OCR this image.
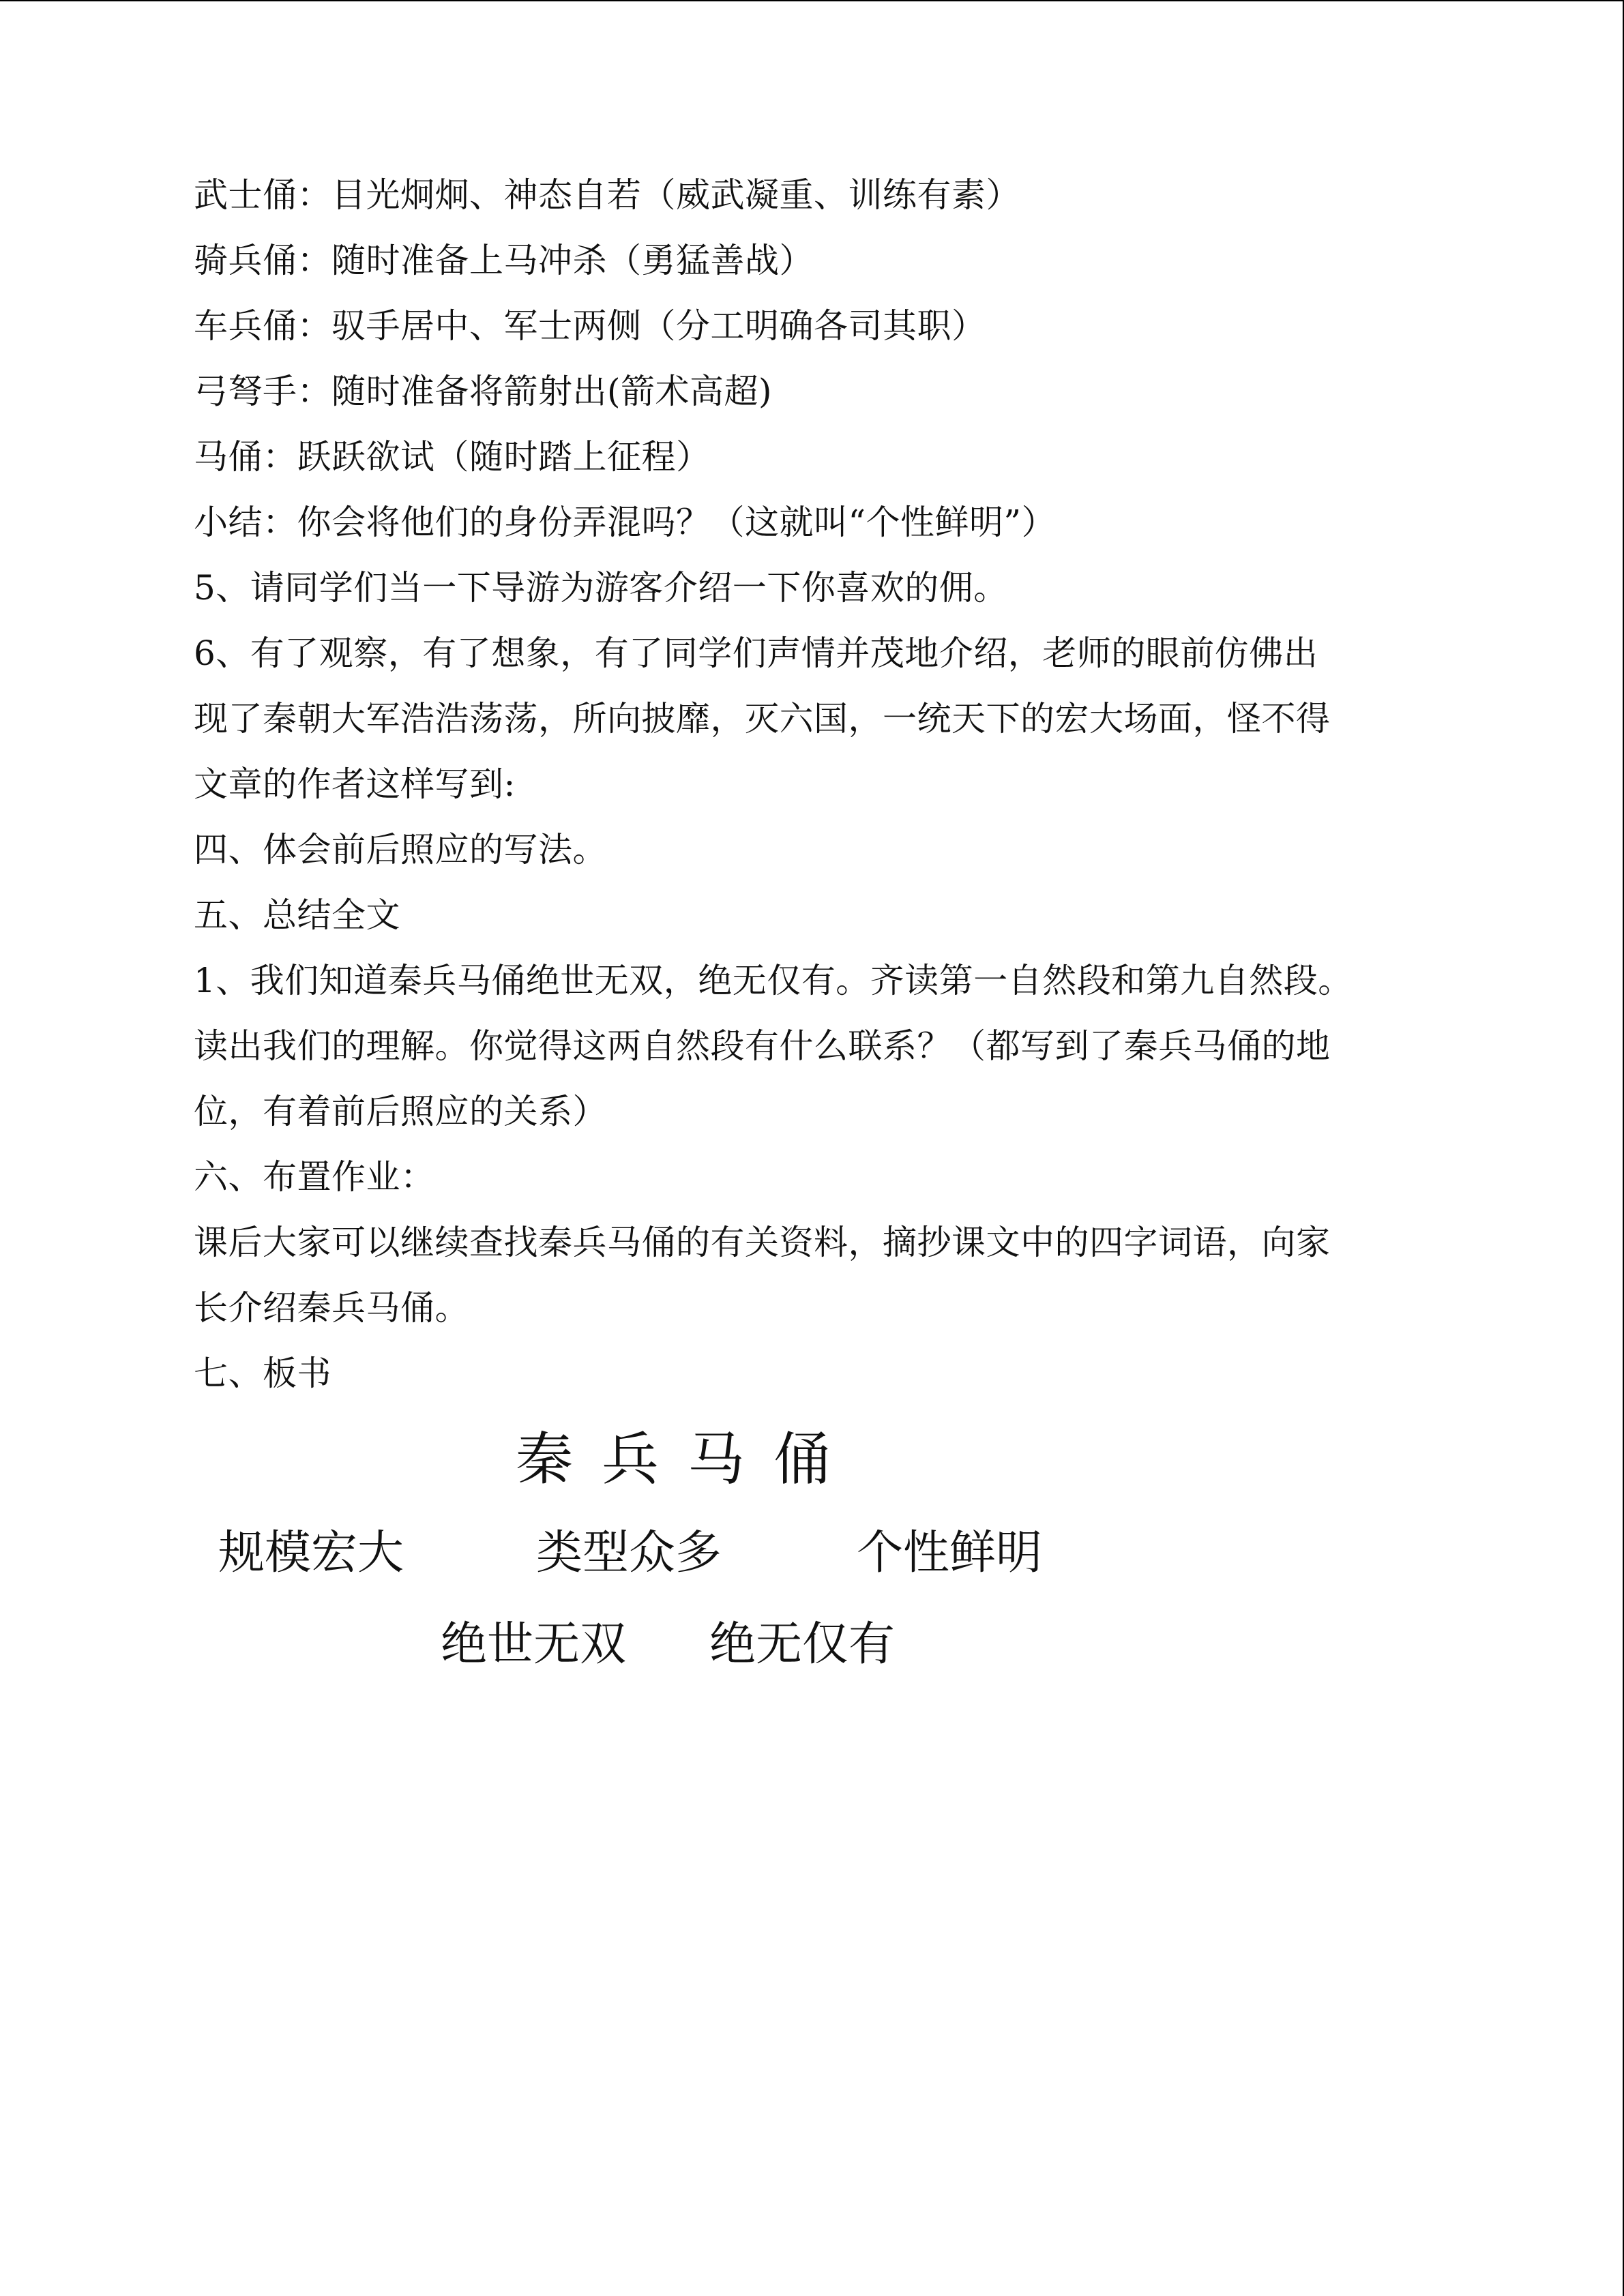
武士俑：目光炯炯、神态自若（威武凝重、训练有素）
骑兵俑：随时准备上马冲杀（勇猛善战）
车兵俑：驭手居中、军士两侧（分工明确各司其职）
弓弩手：随时准备将箭射出(箭术高超)
马俑：跃跃欲试（随时踏上征程）
小结：你会将他们的身份弄混吗？（这就叫“个性鲜明”）
5、请同学们当一下导游为游客介绍一下你喜欢的佣。
6、有了观察，有了想象，有了同学们声情并茂地介绍，老师的眼前仿佛出
现了秦朝大军浩浩荡荡，所向披靡，灭六国，一统天下的宏大场面，怪不得
文章的作者这样写到:
四、体会前后照应的写法。
五、总结全文
1、我们知道秦兵马俑绝世无双，绝无仅有。齐读第一自然段和第九自然段。
读出我们的理解。你觉得这两自然段有什么联系？（都写到了秦兵马俑的地
位，有着前后照应的关系）
六、布置作业：
课后大家可以继续查找秦兵马俑的有关资料，摘抄课文中的四字词语，向家
长介绍秦兵马俑。
七、板书
秦兵马俑
规模宏大	类型众多	个性鲜明
绝世无双 绝无仅有
